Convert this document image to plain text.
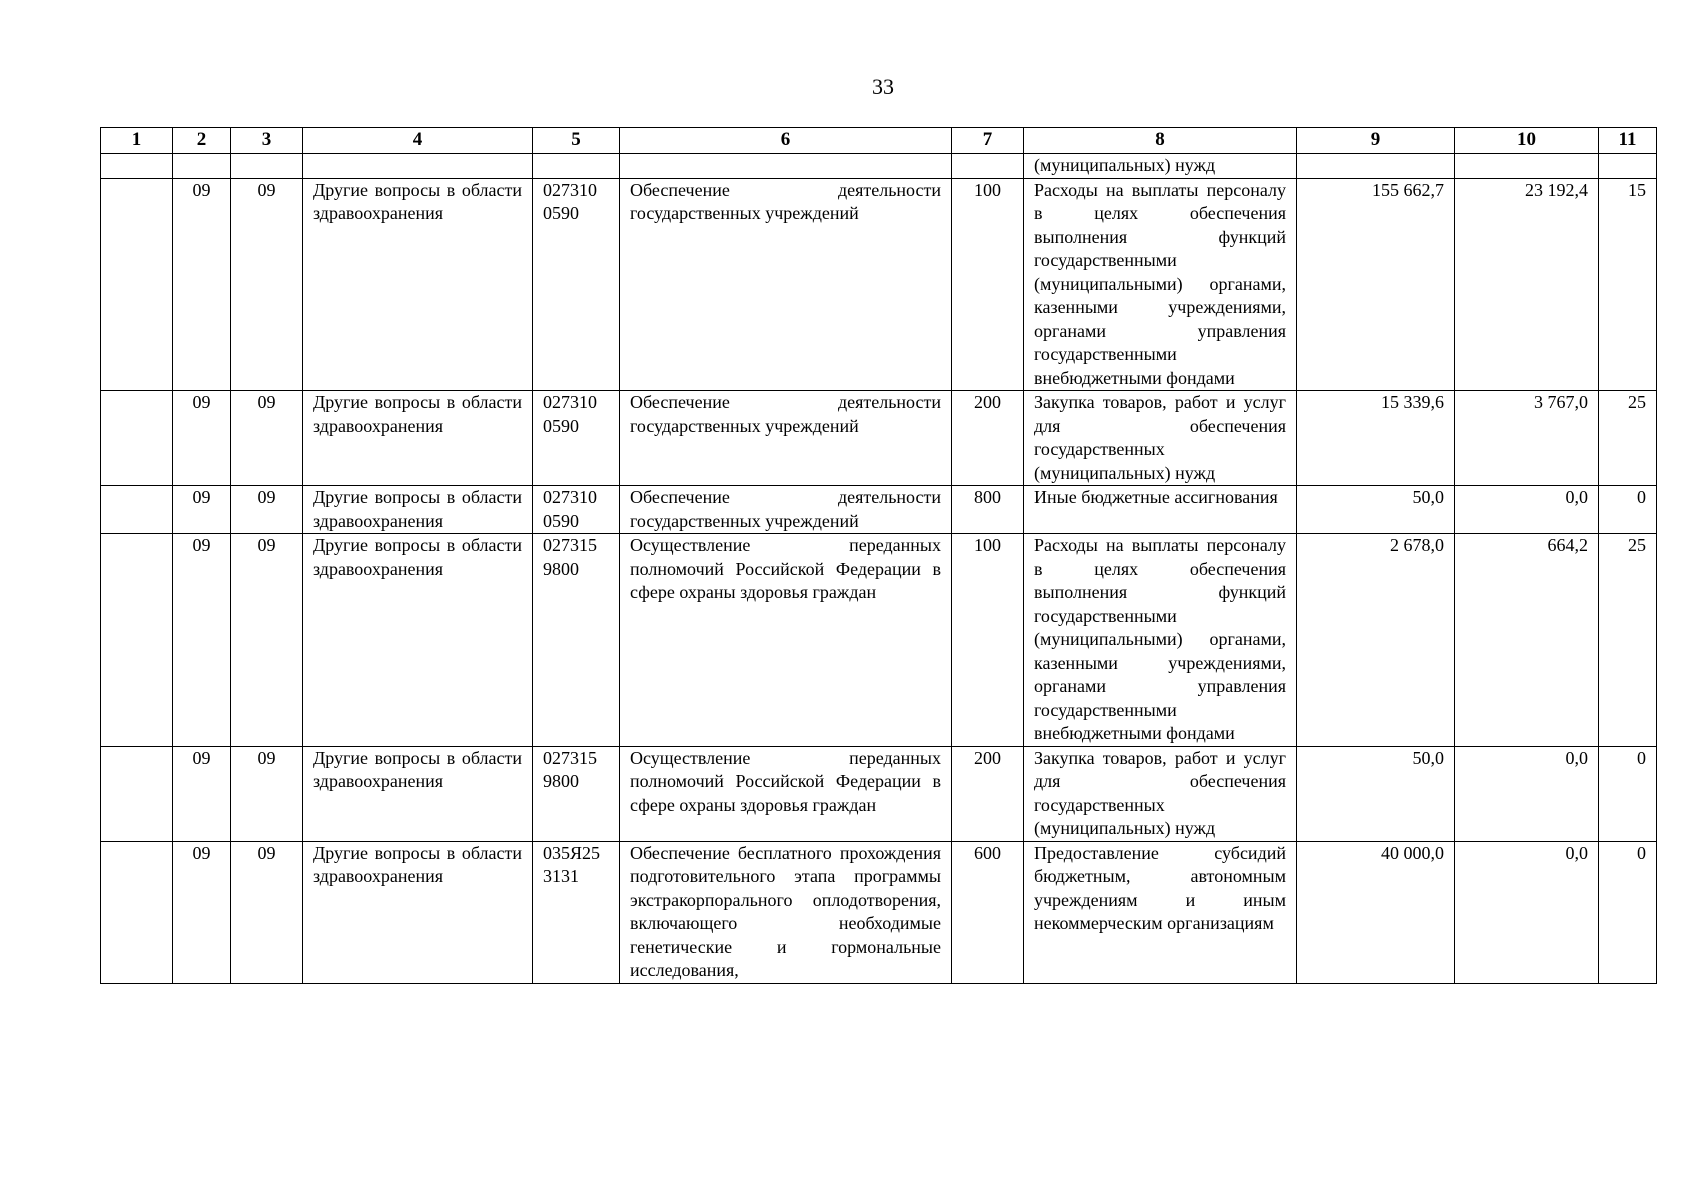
33
1	2	3	4	5	6	7	8	9	10	11
							(муниципальных) нужд			
	09	09	Другие вопросы в области здравоохранения	027310 0590	Обеспечение деятельности государственных учреждений	100	Расходы на выплаты персоналу в целях обеспечения выполнения функций государственными (муниципальными) органами, казенными учреждениями, органами управления государственными внебюджетными фондами	155 662,7	23 192,4	15
	09	09	Другие вопросы в области здравоохранения	027310 0590	Обеспечение деятельности государственных учреждений	200	Закупка товаров, работ и услуг для обеспечения государственных (муниципальных) нужд	15 339,6	3 767,0	25
	09	09	Другие вопросы в области здравоохранения	027310 0590	Обеспечение деятельности государственных учреждений	800	Иные бюджетные ассигнования	50,0	0,0	0
	09	09	Другие вопросы в области здравоохранения	027315 9800	Осуществление переданных полномочий Российской Федерации в сфере охраны здоровья граждан	100	Расходы на выплаты персоналу в целях обеспечения выполнения функций государственными (муниципальными) органами, казенными учреждениями, органами управления государственными внебюджетными фондами	2 678,0	664,2	25
	09	09	Другие вопросы в области здравоохранения	027315 9800	Осуществление переданных полномочий Российской Федерации в сфере охраны здоровья граждан	200	Закупка товаров, работ и услуг для обеспечения государственных (муниципальных) нужд	50,0	0,0	0
	09	09	Другие вопросы в области здравоохранения	035Я25 3131	Обеспечение бесплатного прохождения подготовительного этапа программы экстракорпорального оплодотворения, включающего необходимые генетические и гормональные исследования,	600	Предоставление субсидий бюджетным, автономным учреждениям и иным некоммерческим организациям	40 000,0	0,0	0
